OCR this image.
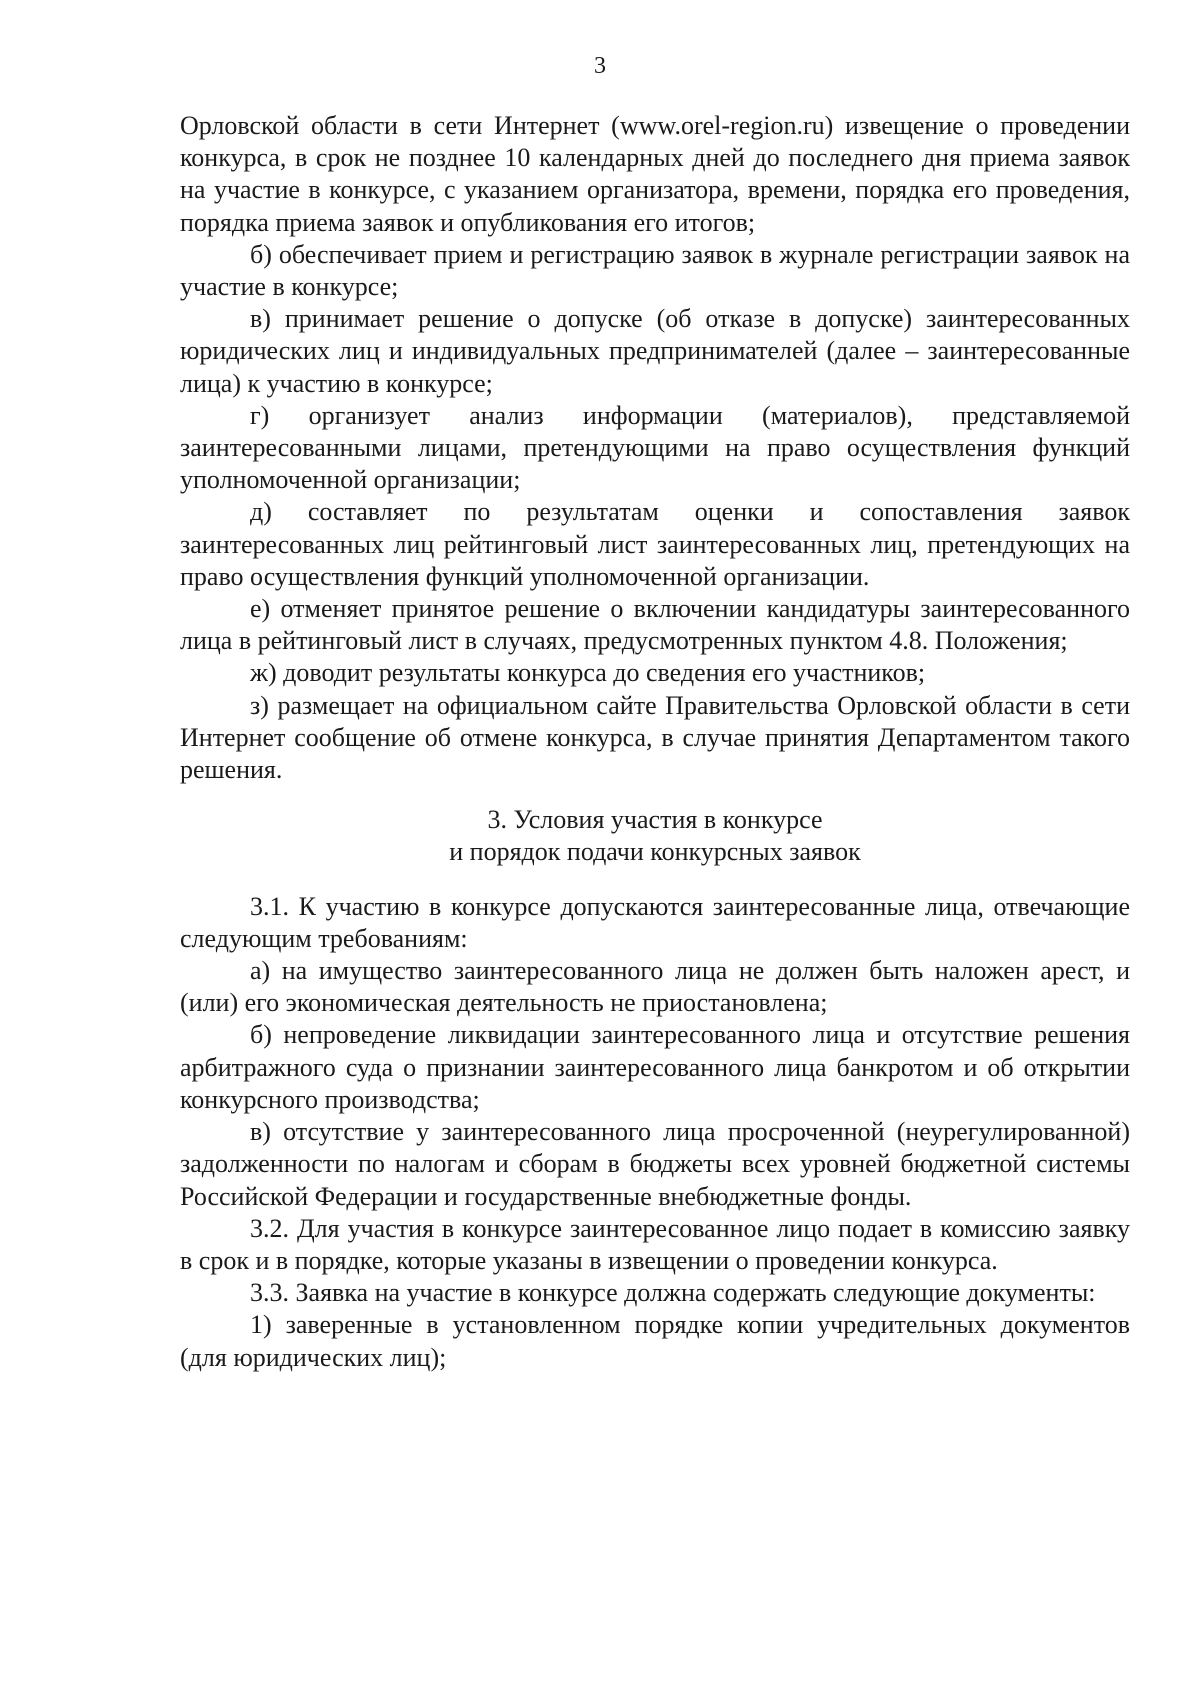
3

Орловской области в сети Интернет (www.orel-region.ru) извещение о проведении конкурса, в срок не позднее 10 календарных дней до последнего дня приема заявок на участие в конкурсе, с указанием организатора, времени, порядка его проведения, порядка приема заявок и опубликования его итогов;

б) обеспечивает прием и регистрацию заявок в журнале регистрации заявок на участие в конкурсе;

в) принимает решение о допуске (об отказе в допуске) заинтересованных юридических лиц и индивидуальных предпринимателей (далее – заинтересованные лица) к участию в конкурсе;

г) организует анализ информации (материалов), представляемой заинтересованными лицами, претендующими на право осуществления функций уполномоченной организации;

д) составляет по результатам оценки и сопоставления заявок заинтересованных лиц рейтинговый лист заинтересованных лиц, претендующих на право осуществления функций уполномоченной организации.

е) отменяет принятое решение о включении кандидатуры заинтересованного лица в рейтинговый лист в случаях, предусмотренных пунктом 4.8. Положения;

ж) доводит результаты конкурса до сведения его участников;

з) размещает на официальном сайте Правительства Орловской области в сети Интернет сообщение об отмене конкурса, в случае принятия Департаментом такого решения.

3. Условия участия в конкурсе
и порядок подачи конкурсных заявок

3.1. К участию в конкурсе допускаются заинтересованные лица, отвечающие следующим требованиям:

а) на имущество заинтересованного лица не должен быть наложен арест, и (или) его экономическая деятельность не приостановлена;

б) непроведение ликвидации заинтересованного лица и отсутствие решения арбитражного суда о признании заинтересованного лица банкротом и об открытии конкурсного производства;

в) отсутствие у заинтересованного лица просроченной (неурегулированной) задолженности по налогам и сборам в бюджеты всех уровней бюджетной системы Российской Федерации и государственные внебюджетные фонды.

3.2. Для участия в конкурсе заинтересованное лицо подает в комиссию заявку в срок и в порядке, которые указаны в извещении о проведении конкурса.

3.3. Заявка на участие в конкурсе должна содержать следующие документы:

1) заверенные в установленном порядке копии учредительных документов (для юридических лиц);
